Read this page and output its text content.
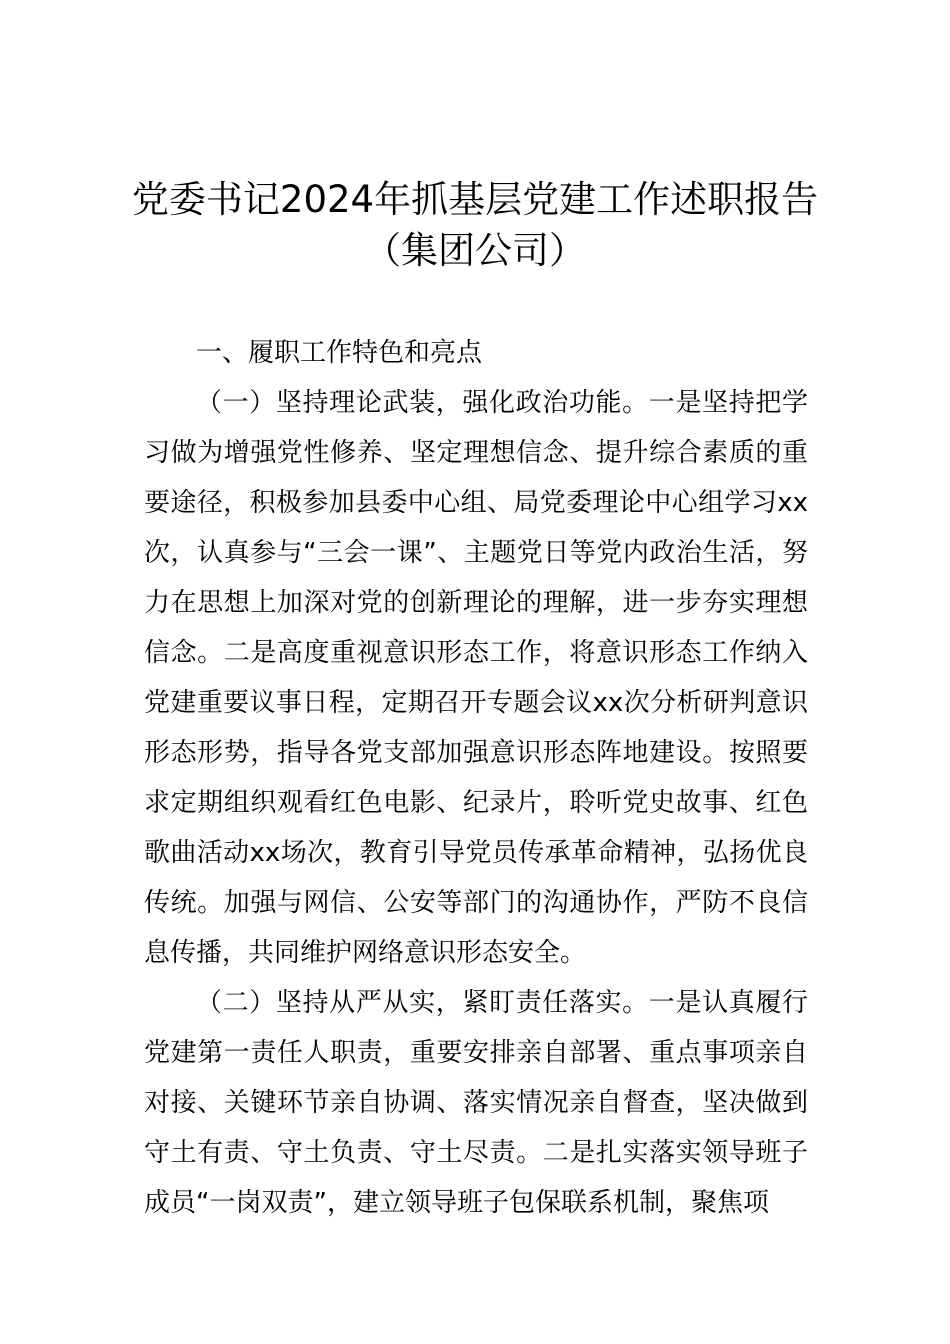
党委书记2024年抓基层党建工作述职报告
（集团公司）

一、履职工作特色和亮点

（一）坚持理论武装，强化政治功能。一是坚持把学习做为增强党性修养、坚定理想信念、提升综合素质的重要途径，积极参加县委中心组、局党委理论中心组学习xx次，认真参与“三会一课”、主题党日等党内政治生活，努力在思想上加深对党的创新理论的理解，进一步夯实理想信念。二是高度重视意识形态工作，将意识形态工作纳入党建重要议事日程，定期召开专题会议xx次分析研判意识形态形势，指导各党支部加强意识形态阵地建设。按照要求定期组织观看红色电影、纪录片，聆听党史故事、红色歌曲活动xx场次，教育引导党员传承革命精神，弘扬优良传统。加强与网信、公安等部门的沟通协作，严防不良信息传播，共同维护网络意识形态安全。

（二）坚持从严从实，紧盯责任落实。一是认真履行党建第一责任人职责，重要安排亲自部署、重点事项亲自对接、关键环节亲自协调、落实情况亲自督查，坚决做到守土有责、守土负责、守土尽责。二是扎实落实领导班子成员“一岗双责”，建立领导班子包保联系机制，聚焦项
